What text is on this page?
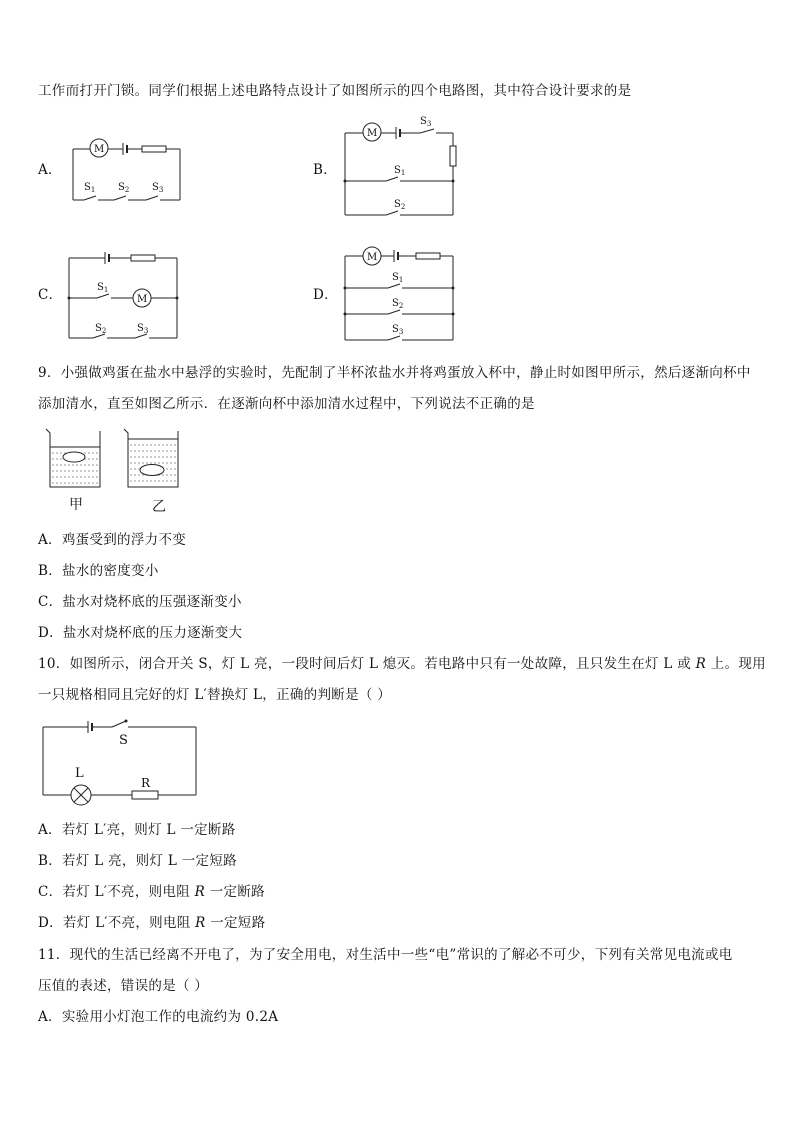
工作而打开门锁。同学们根据上述电路特点设计了如图所示的四个电路图，其中符合设计要求的是
A．
M
$S_1$ $S_2$ $S_3$
B．
M
$S_3$
$S_1$
$S_2$
C．	$S_1$
M
$S_2$	$S_3$
D．
M
$S_1$
$S_2$
$S_3$
9．小强做鸡蛋在盐水中悬浮的实验时，先配制了半杯浓盐水并将鸡蛋放入杯中，静止时如图甲所示，然后逐渐向杯中
添加清水，直至如图乙所示．在逐渐向杯中添加清水过程中，下列说法不正确的是
甲	乙
A．鸡蛋受到的浮力不变
B．盐水的密度变小
C．盐水对烧杯底的压强逐渐变小
D．盐水对烧杯底的压力逐渐变大
10．如图所示，闭合开关 S，灯 L 亮，一段时间后灯 L 熄灭。若电路中只有一处故障，且只发生在灯 L 或 R 上。现用
一只规格相同且完好的灯 L′替换灯 L，正确的判断是（ ）
S
L
R
A．若灯 L′亮，则灯 L 一定断路
B．若灯 L 亮，则灯 L 一定短路
C．若灯 L′不亮，则电阻 R 一定断路
D．若灯 L′不亮，则电阻 R 一定短路
11．现代的生活已经离不开电了，为了安全用电，对生活中一些“电”常识的了解必不可少，下列有关常见电流或电
压值的表述，错误的是（ ）
A．实验用小灯泡工作的电流约为 0.2A
